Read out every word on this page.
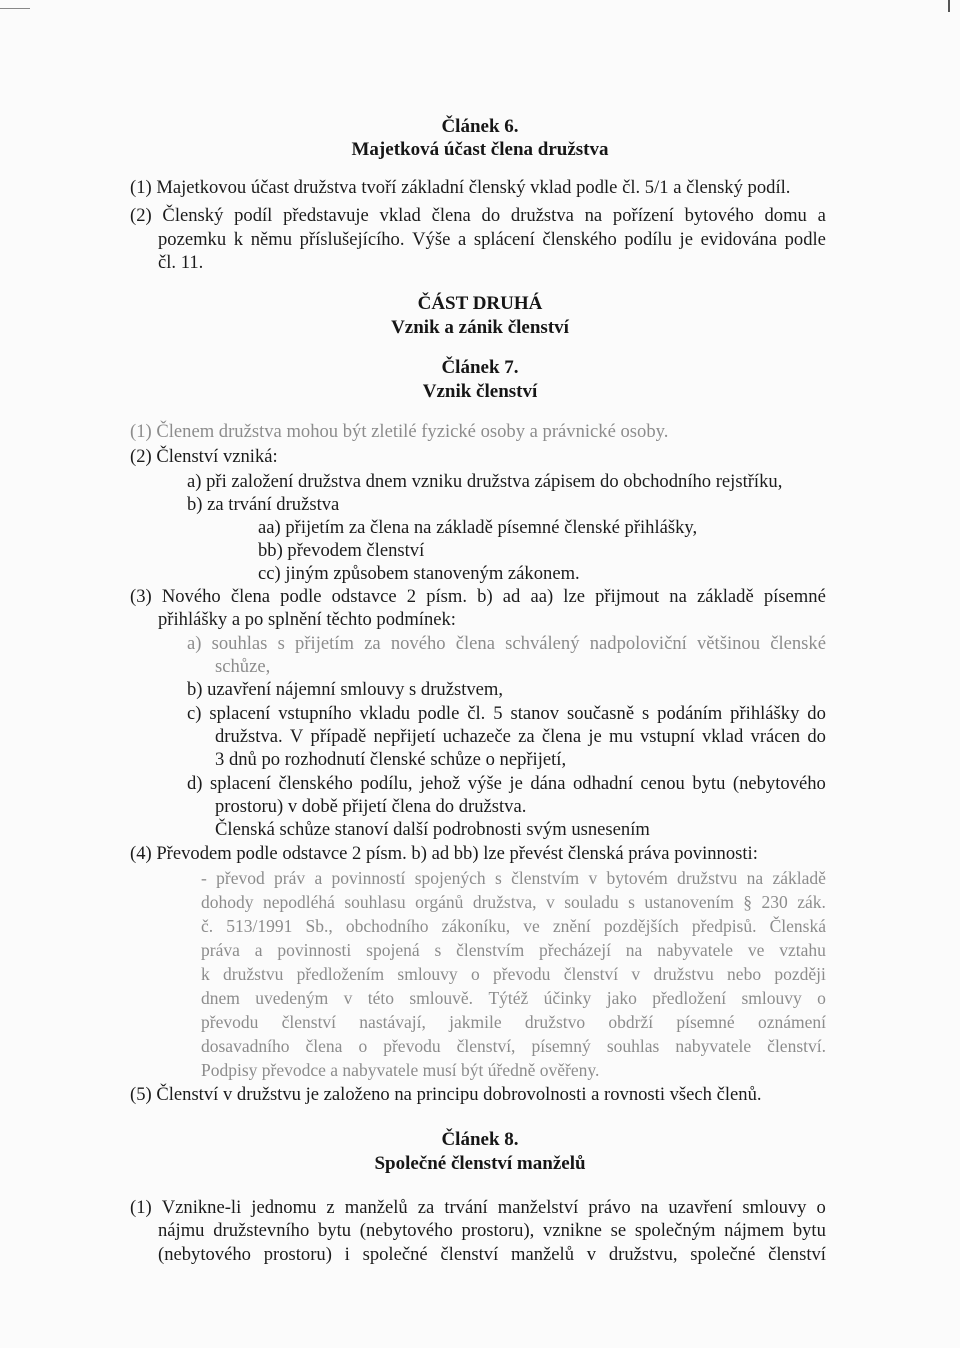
Článek 6.
Majetková účast člena družstva
(1) Majetkovou účast družstva tvoří základní členský vklad podle čl. 5/1 a členský podíl.
(2) Členský podíl představuje vklad člena do družstva na pořízení bytového domu a
pozemku k němu příslušejícího. Výše a splácení členského podílu je evidována podle
čl. 11.
ČÁST DRUHÁ
Vznik a zánik členství
Článek 7.
Vznik členství
(1) Členem družstva mohou být zletilé fyzické osoby a právnické osoby.
(2) Členství vzniká:
a) při založení družstva dnem vzniku družstva zápisem do obchodního rejstříku,
b) za trvání družstva
aa) přijetím za člena na základě písemné členské přihlášky,
bb) převodem členství
cc) jiným způsobem stanoveným zákonem.
(3) Nového člena podle odstavce 2 písm. b) ad aa) lze přijmout na základě písemné
přihlášky a po splnění těchto podmínek:
a) souhlas s přijetím za nového člena schválený nadpoloviční většinou členské
schůze,
b) uzavření nájemní smlouvy s družstvem,
c) splacení vstupního vkladu podle čl. 5 stanov současně s podáním přihlášky do
družstva. V případě nepřijetí uchazeče za člena je mu vstupní vklad vrácen do
3 dnů po rozhodnutí členské schůze o nepřijetí,
d) splacení členského podílu, jehož výše je dána odhadní cenou bytu (nebytového
prostoru) v době přijetí člena do družstva.
Členská schůze stanoví další podrobnosti svým usnesením
(4) Převodem podle odstavce 2 písm. b) ad bb) lze převést členská práva povinnosti:
- převod práv a povinností spojených s členstvím v bytovém družstvu na základě
dohody nepodléhá souhlasu orgánů družstva, v souladu s ustanovením § 230 zák.
č. 513/1991 Sb., obchodního zákoníku, ve znění pozdějších předpisů. Členská
práva a povinnosti spojená s členstvím přecházejí na nabyvatele ve vztahu
k družstvu předložením smlouvy o převodu členství v družstvu nebo později
dnem uvedeným v této smlouvě. Týtéž účinky jako předložení smlouvy o
převodu členství nastávají, jakmile družstvo obdrží písemné oznámení
dosavadního člena o převodu členství, písemný souhlas nabyvatele členství.
Podpisy převodce a nabyvatele musí být úředně ověřeny.
(5) Členství v družstvu je založeno na principu dobrovolnosti a rovnosti všech členů.
Článek 8.
Společné členství manželů
(1) Vznikne-li jednomu z manželů za trvání manželství právo na uzavření smlouvy o
nájmu družstevního bytu (nebytového prostoru), vznikne se společným nájmem bytu
(nebytového prostoru) i společné členství manželů v družstvu, společné členství
